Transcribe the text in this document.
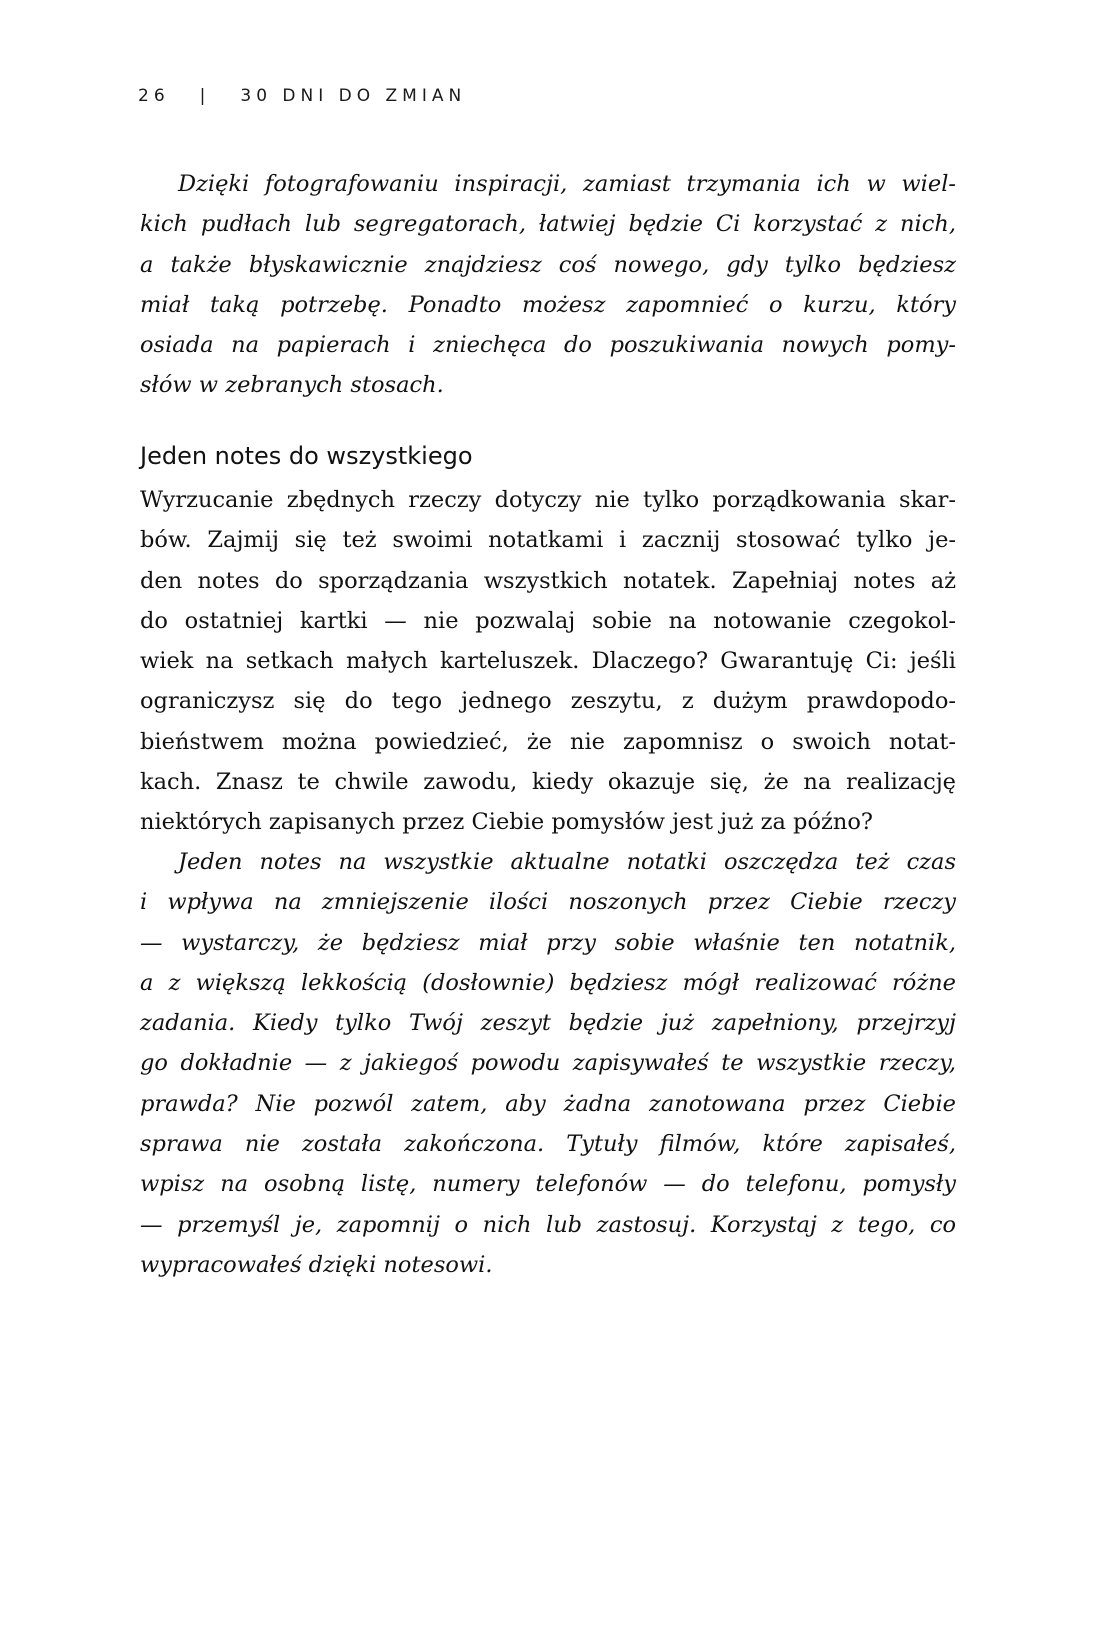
26 | 30 DNI DO ZMIAN
Dzięki fotografowaniu inspiracji, zamiast trzymania ich w wiel-
kich pudłach lub segregatorach, łatwiej będzie Ci korzystać z nich,
a także błyskawicznie znajdziesz coś nowego, gdy tylko będziesz
miał taką potrzebę. Ponadto możesz zapomnieć o kurzu, który
osiada na papierach i zniechęca do poszukiwania nowych pomy-
słów w zebranych stosach.
Jeden notes do wszystkiego
Wyrzucanie zbędnych rzeczy dotyczy nie tylko porządkowania skar-
bów. Zajmij się też swoimi notatkami i zacznij stosować tylko je-
den notes do sporządzania wszystkich notatek. Zapełniaj notes aż
do ostatniej kartki — nie pozwalaj sobie na notowanie czegokol-
wiek na setkach małych karteluszek. Dlaczego? Gwarantuję Ci: jeśli
ograniczysz się do tego jednego zeszytu, z dużym prawdopodo-
bieństwem można powiedzieć, że nie zapomnisz o swoich notat-
kach. Znasz te chwile zawodu, kiedy okazuje się, że na realizację
niektórych zapisanych przez Ciebie pomysłów jest już za późno?
Jeden notes na wszystkie aktualne notatki oszczędza też czas
i wpływa na zmniejszenie ilości noszonych przez Ciebie rzeczy
— wystarczy, że będziesz miał przy sobie właśnie ten notatnik,
a z większą lekkością (dosłownie) będziesz mógł realizować różne
zadania. Kiedy tylko Twój zeszyt będzie już zapełniony, przejrzyj
go dokładnie — z jakiegoś powodu zapisywałeś te wszystkie rzeczy,
prawda? Nie pozwól zatem, aby żadna zanotowana przez Ciebie
sprawa nie została zakończona. Tytuły filmów, które zapisałeś,
wpisz na osobną listę, numery telefonów — do telefonu, pomysły
— przemyśl je, zapomnij o nich lub zastosuj. Korzystaj z tego, co
wypracowałeś dzięki notesowi.
